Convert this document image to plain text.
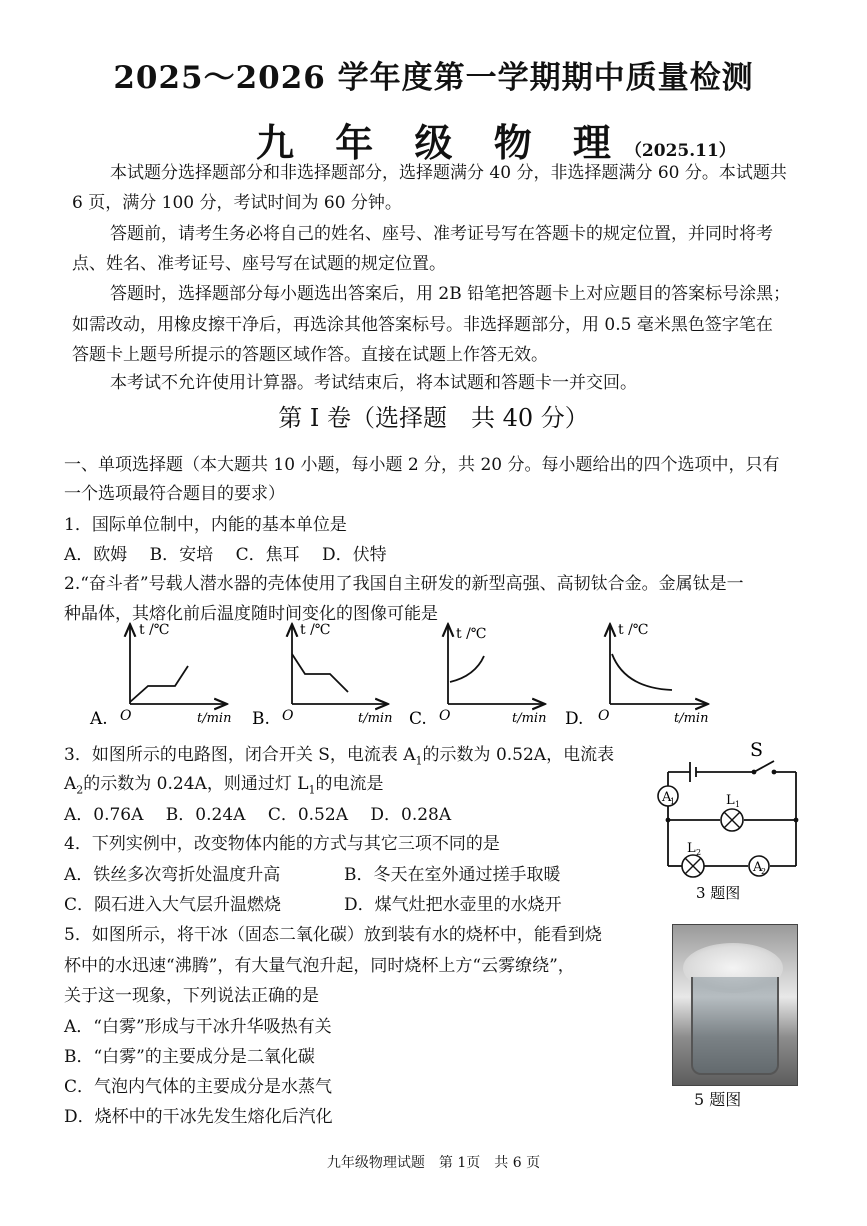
2025～2026 学年度第一学期期中质量检测
九 年 级 物 理（2025.11）
本试题分选择题部分和非选择题部分，选择题满分 40 分，非选择题满分 60 分。本试题共
6 页，满分 100 分，考试时间为 60 分钟。
答题前，请考生务必将自己的姓名、座号、准考证号写在答题卡的规定位置，并同时将考
点、姓名、准考证号、座号写在试题的规定位置。
答题时，选择题部分每小题选出答案后，用 2B 铅笔把答题卡上对应题目的答案标号涂黑；
如需改动，用橡皮擦干净后，再选涂其他答案标号。非选择题部分，用 0.5 毫米黑色签字笔在
答题卡上题号所提示的答题区域作答。直接在试题上作答无效。
本考试不允许使用计算器。考试结束后，将本试题和答题卡一并交回。
第 I 卷（选择题　共 40 分）
一、单项选择题（本大题共 10 小题，每小题 2 分，共 20 分。每小题给出的四个选项中，只有
一个选项最符合题目的要求）
1．国际单位制中，内能的基本单位是
A．欧姆　 B．安培　 C．焦耳　 D．伏特
2.“奋斗者”号载人潜水器的壳体使用了我国自主研发的新型高强、高韧钛合金。金属钛是一
种晶体，其熔化前后温度随时间变化的图像可能是
t /℃
O	t/min
A.
t /℃
O	t/min
B.
t /℃
O	t/min
C.
t /℃
O	t/min
D.
3．如图所示的电路图，闭合开关 S，电流表 $A_1$的示数为 0.52A，电流表
$A_2$的示数为 0.24A，则通过灯 $L_1$的电流是
A．0.76A　 B．0.24A　 C．0.52A　 D．0.28A
A
1	L 1
L 2
A
2
S
3 题图
4．下列实例中，改变物体内能的方式与其它三项不同的是
A．铁丝多次弯折处温度升高	B．冬天在室外通过搓手取暖
C．陨石进入大气层升温燃烧	D．煤气灶把水壶里的水烧开
5．如图所示，将干冰（固态二氧化碳）放到装有水的烧杯中，能看到烧
杯中的水迅速“沸腾”，有大量气泡升起，同时烧杯上方“云雾缭绕”，
关于这一现象，下列说法正确的是
A．“白雾”形成与干冰升华吸热有关
B．“白雾”的主要成分是二氧化碳
C．气泡内气体的主要成分是水蒸气
D．烧杯中的干冰先发生熔化后汽化
5 题图
九年级物理试题　第 1页　共 6 页
